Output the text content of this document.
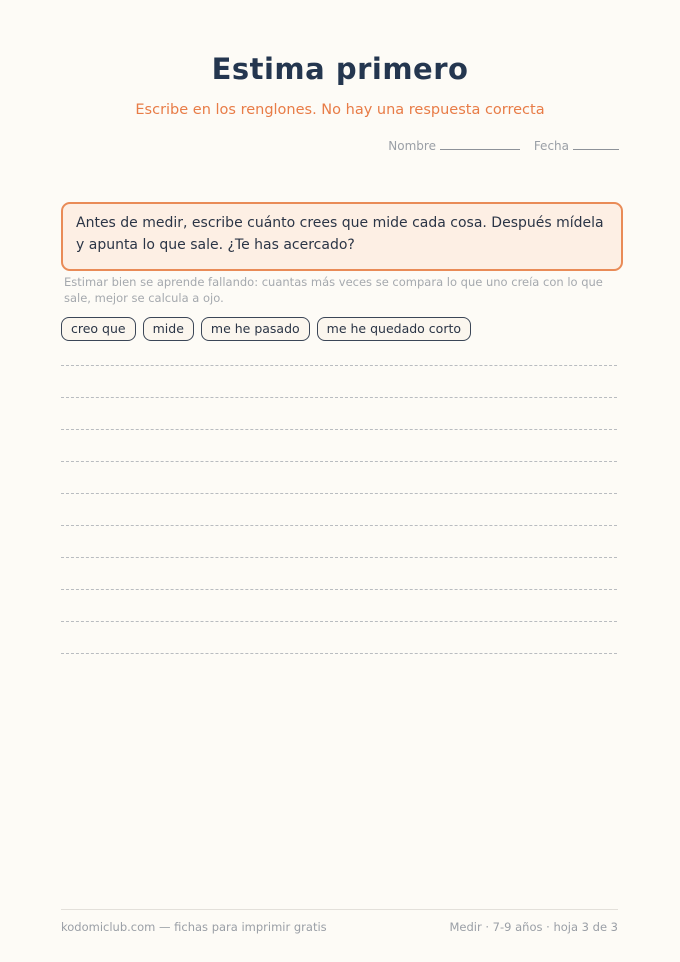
Estima primero
Escribe en los renglones. No hay una respuesta correcta
Nombre	Fecha
Antes de medir, escribe cuánto crees que mide cada cosa. Después mídela y apunta lo que sale. ¿Te has acercado?
Estimar bien se aprende fallando: cuantas más veces se compara lo que uno creía con lo que sale, mejor se calcula a ojo.
creo que	mide	me he pasado	me he quedado corto
kodomiclub.com — fichas para imprimir gratis	Medir · 7-9 años · hoja 3 de 3
